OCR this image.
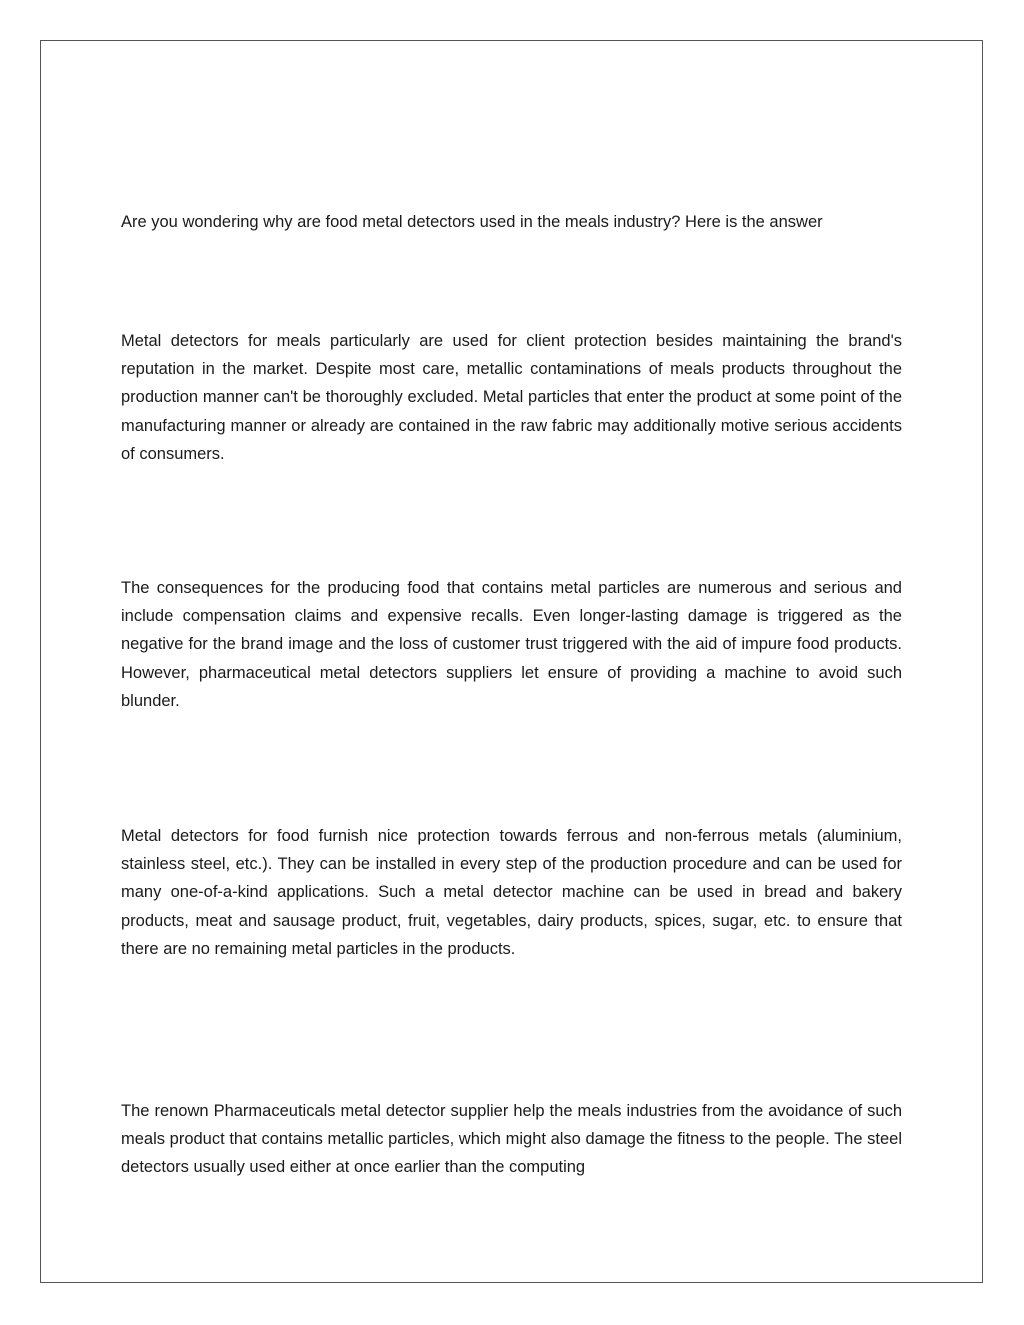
Are you wondering why are food metal detectors used in the meals industry? Here is the answer

Metal detectors for meals particularly are used for client protection besides maintaining the brand's reputation in the market. Despite most care, metallic contaminations of meals products throughout the production manner can't be thoroughly excluded. Metal particles that enter the product at some point of the manufacturing manner or already are contained in the raw fabric may additionally motive serious accidents of consumers.

The consequences for the producing food that contains metal particles are numerous and serious and include compensation claims and expensive recalls. Even longer-lasting damage is triggered as the negative for the brand image and the loss of customer trust triggered with the aid of impure food products. However, pharmaceutical metal detectors suppliers let ensure of providing a machine to avoid such blunder.

Metal detectors for food furnish nice protection towards ferrous and non-ferrous metals (aluminium, stainless steel, etc.). They can be installed in every step of the production procedure and can be used for many one-of-a-kind applications. Such a metal detector machine can be used in bread and bakery products, meat and sausage product, fruit, vegetables, dairy products, spices, sugar, etc. to ensure that there are no remaining metal particles in the products.

The renown Pharmaceuticals metal detector supplier help the meals industries from the avoidance of such meals product that contains metallic particles, which might also damage the fitness to the people. The steel detectors usually used either at once earlier than the computing
